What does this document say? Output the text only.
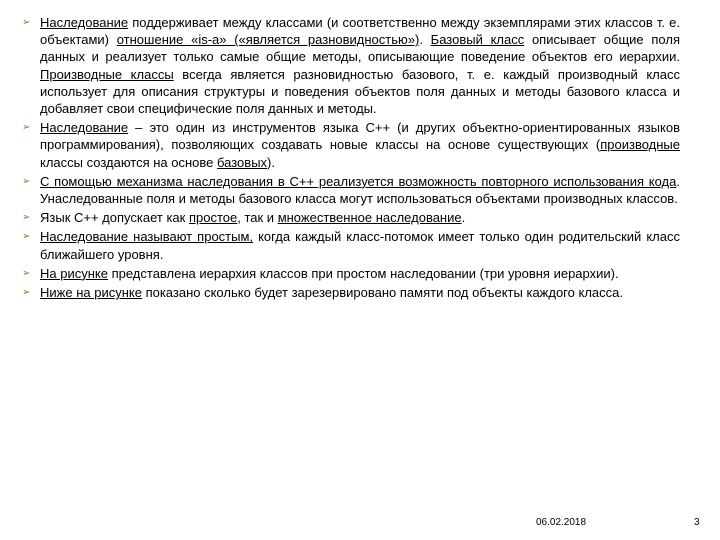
➢ Наследование поддерживает между классами (и соответственно между экземплярами этих классов т. е. объектами) отношение «is-a» («является разновидностью»). Базовый класс описывает общие поля данных и реализует только самые общие методы, описывающие поведение объектов его иерархии. Производные классы всегда является разновидностью базового, т. е. каждый производный класс использует для описания структуры и поведения объектов поля данных и методы базового класса и добавляет свои специфические поля данных и методы.
➢ Наследование – это один из инструментов языка С++ (и других объектно-ориентированных языков программирования), позволяющих создавать новые классы на основе существующих (производные классы создаются на основе базовых).
➢ С помощью механизма наследования в С++ реализуется возможность повторного использования кода. Унаследованные поля и методы базового класса могут использоваться объектами производных классов.
➢ Язык С++ допускает как простое, так и множественное наследование.
➢ Наследование называют простым, когда каждый класс-потомок имеет только один родительский класс ближайшего уровня.
➢ На рисунке представлена иерархия классов при простом наследовании (три уровня иерархии).
➢ Ниже на рисунке показано сколько будет зарезервировано памяти под объекты каждого класса.
06.02.2018	3
